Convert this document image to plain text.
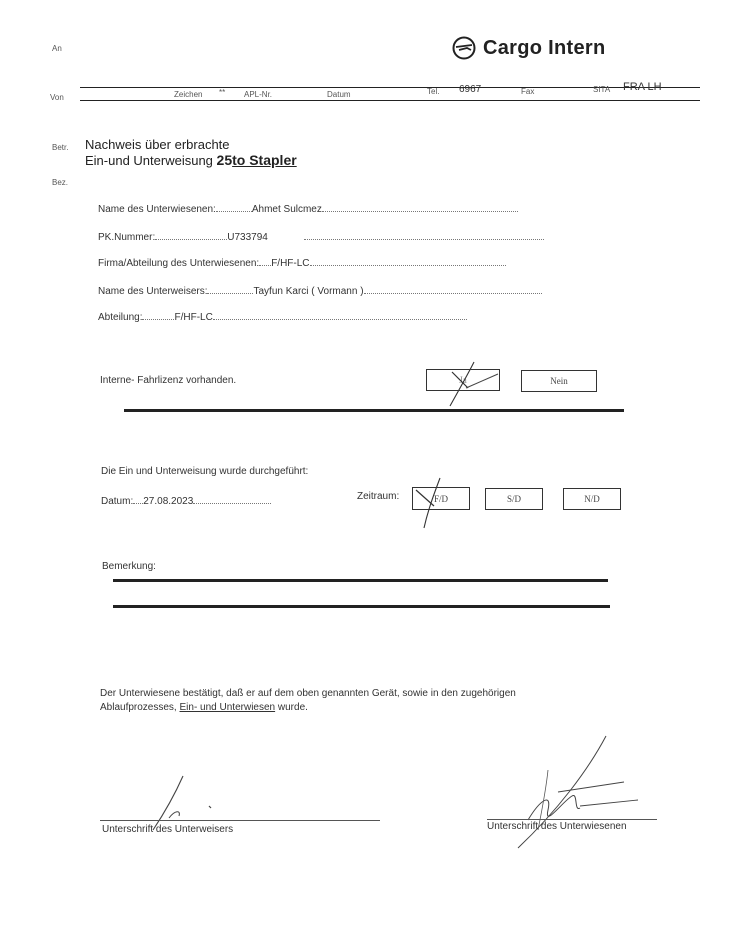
An	Cargo Intern
Von	Zeichen ** APL-Nr.	Datum	Tel. 6967	Fax	SITA FRA LH
Betr. Nachweis über erbrachte
Ein-und Unterweisung 25to Stapler
Bez.
Name des Unterwiesenen:	Ahmet Sulcmez
PK.Nummer:	U733794
Firma/Abteilung des Unterwiesenen: F/HF-LC
Name des Unterweisers:	Tayfun Karci ( Vormann )
Abteilung:	F/HF-LC
Interne- Fahrlizenz vorhanden.	Ja	Nein
Die Ein und Unterweisung wurde durchgeführt:
Datum: 27.08.2023	Zeitraum:	F/D	S/D	N/D
Bemerkung:
Der Unterwiesene bestätigt, daß er auf dem oben genannten Gerät, sowie in den zugehörigen
Ablaufprozesses, Ein- und Unterwiesen wurde.
Unterschrift des Unterweisers	Unterschrift des Unterwiesenen
